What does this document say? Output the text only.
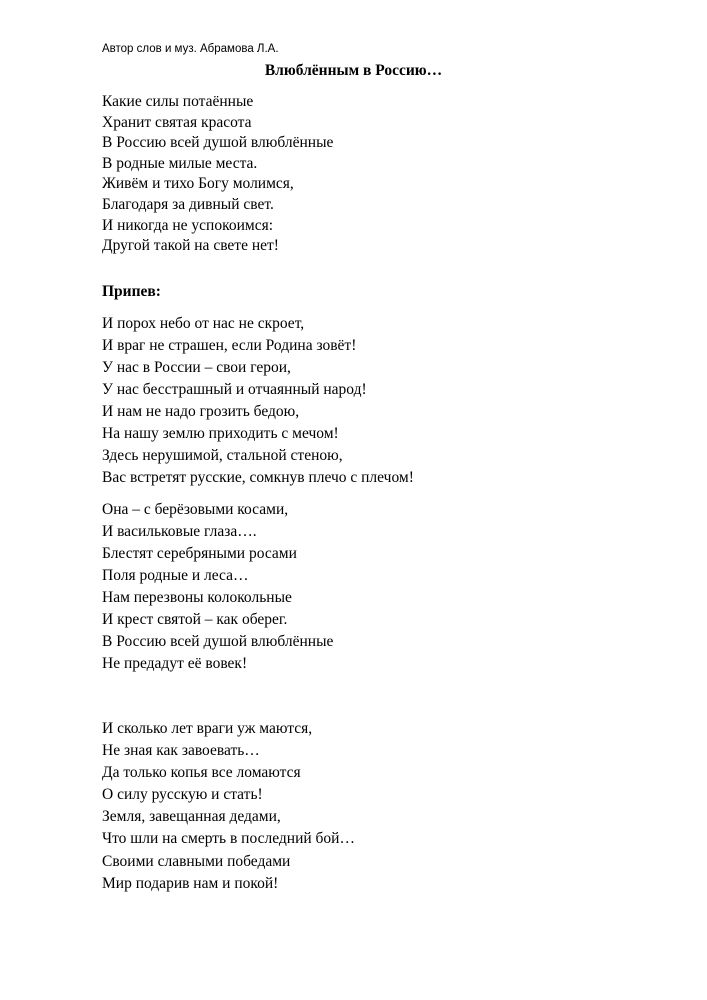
Автор слов и муз. Абрамова Л.А.
Влюблённым в Россию…
Какие силы потаённые
Хранит святая красота
В Россию всей душой влюблённые
В родные милые места.
Живём и тихо Богу молимся,
Благодаря за дивный свет.
И никогда не успокоимся:
Другой такой на свете нет!
Припев:
И порох небо от нас не скроет,
И враг не страшен, если Родина зовёт!
У нас в России – свои герои,
У нас бесстрашный и отчаянный народ!
И нам не надо грозить бедою,
На нашу землю приходить с мечом!
Здесь нерушимой, стальной стеною,
Вас встретят русские, сомкнув плечо с плечом!
Она – с берёзовыми косами,
И васильковые глаза….
Блестят серебряными росами
Поля родные и леса…
Нам перезвоны колокольные
И крест святой – как оберег.
В Россию всей душой влюблённые
Не предадут её вовек!
И сколько лет враги уж маются,
Не зная как завоевать…
Да только копья все ломаются
О силу русскую и стать!
Земля, завещанная дедами,
Что шли на смерть в последний бой…
Своими славными победами
Мир подарив нам и покой!
